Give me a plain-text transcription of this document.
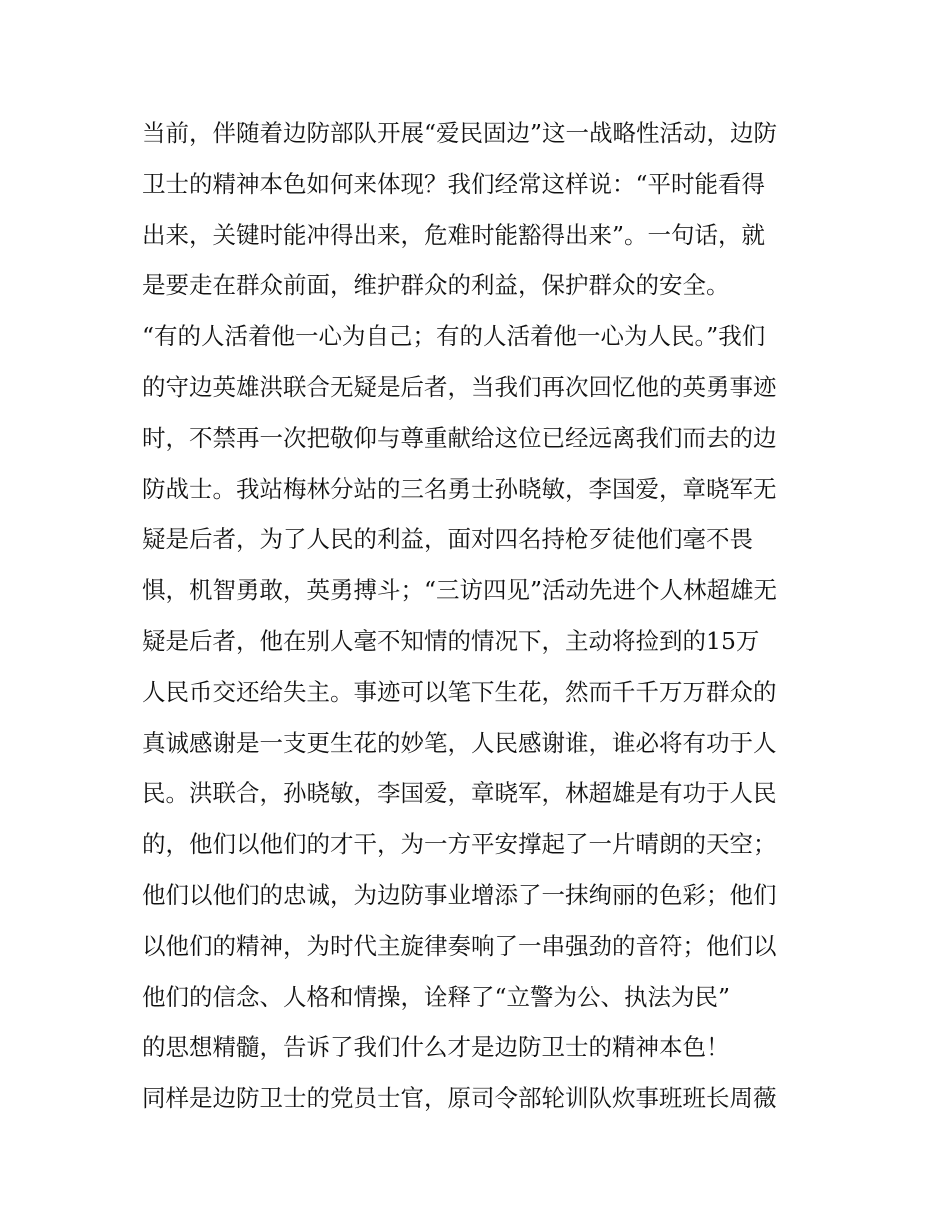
当前，伴随着边防部队开展“爱民固边”这一战略性活动，边防
卫士的精神本色如何来体现？我们经常这样说：“平时能看得
出来，关键时能冲得出来，危难时能豁得出来”。一句话，就
是要走在群众前面，维护群众的利益，保护群众的安全。
“有的人活着他一心为自己；有的人活着他一心为人民。”我们
的守边英雄洪联合无疑是后者，当我们再次回忆他的英勇事迹
时，不禁再一次把敬仰与尊重献给这位已经远离我们而去的边
防战士。我站梅林分站的三名勇士孙晓敏，李国爱，章晓军无
疑是后者，为了人民的利益，面对四名持枪歹徒他们毫不畏
惧，机智勇敢，英勇搏斗；“三访四见”活动先进个人林超雄无
疑是后者，他在别人毫不知情的情况下，主动将捡到的15万
人民币交还给失主。事迹可以笔下生花，然而千千万万群众的
真诚感谢是一支更生花的妙笔，人民感谢谁，谁必将有功于人
民。洪联合，孙晓敏，李国爱，章晓军，林超雄是有功于人民
的，他们以他们的才干，为一方平安撑起了一片晴朗的天空；
他们以他们的忠诚，为边防事业增添了一抹绚丽的色彩；他们
以他们的精神，为时代主旋律奏响了一串强劲的音符；他们以
他们的信念、人格和情操，诠释了“立警为公、执法为民”
的思想精髓，告诉了我们什么才是边防卫士的精神本色！
同样是边防卫士的党员士官，原司令部轮训队炊事班班长周薇
